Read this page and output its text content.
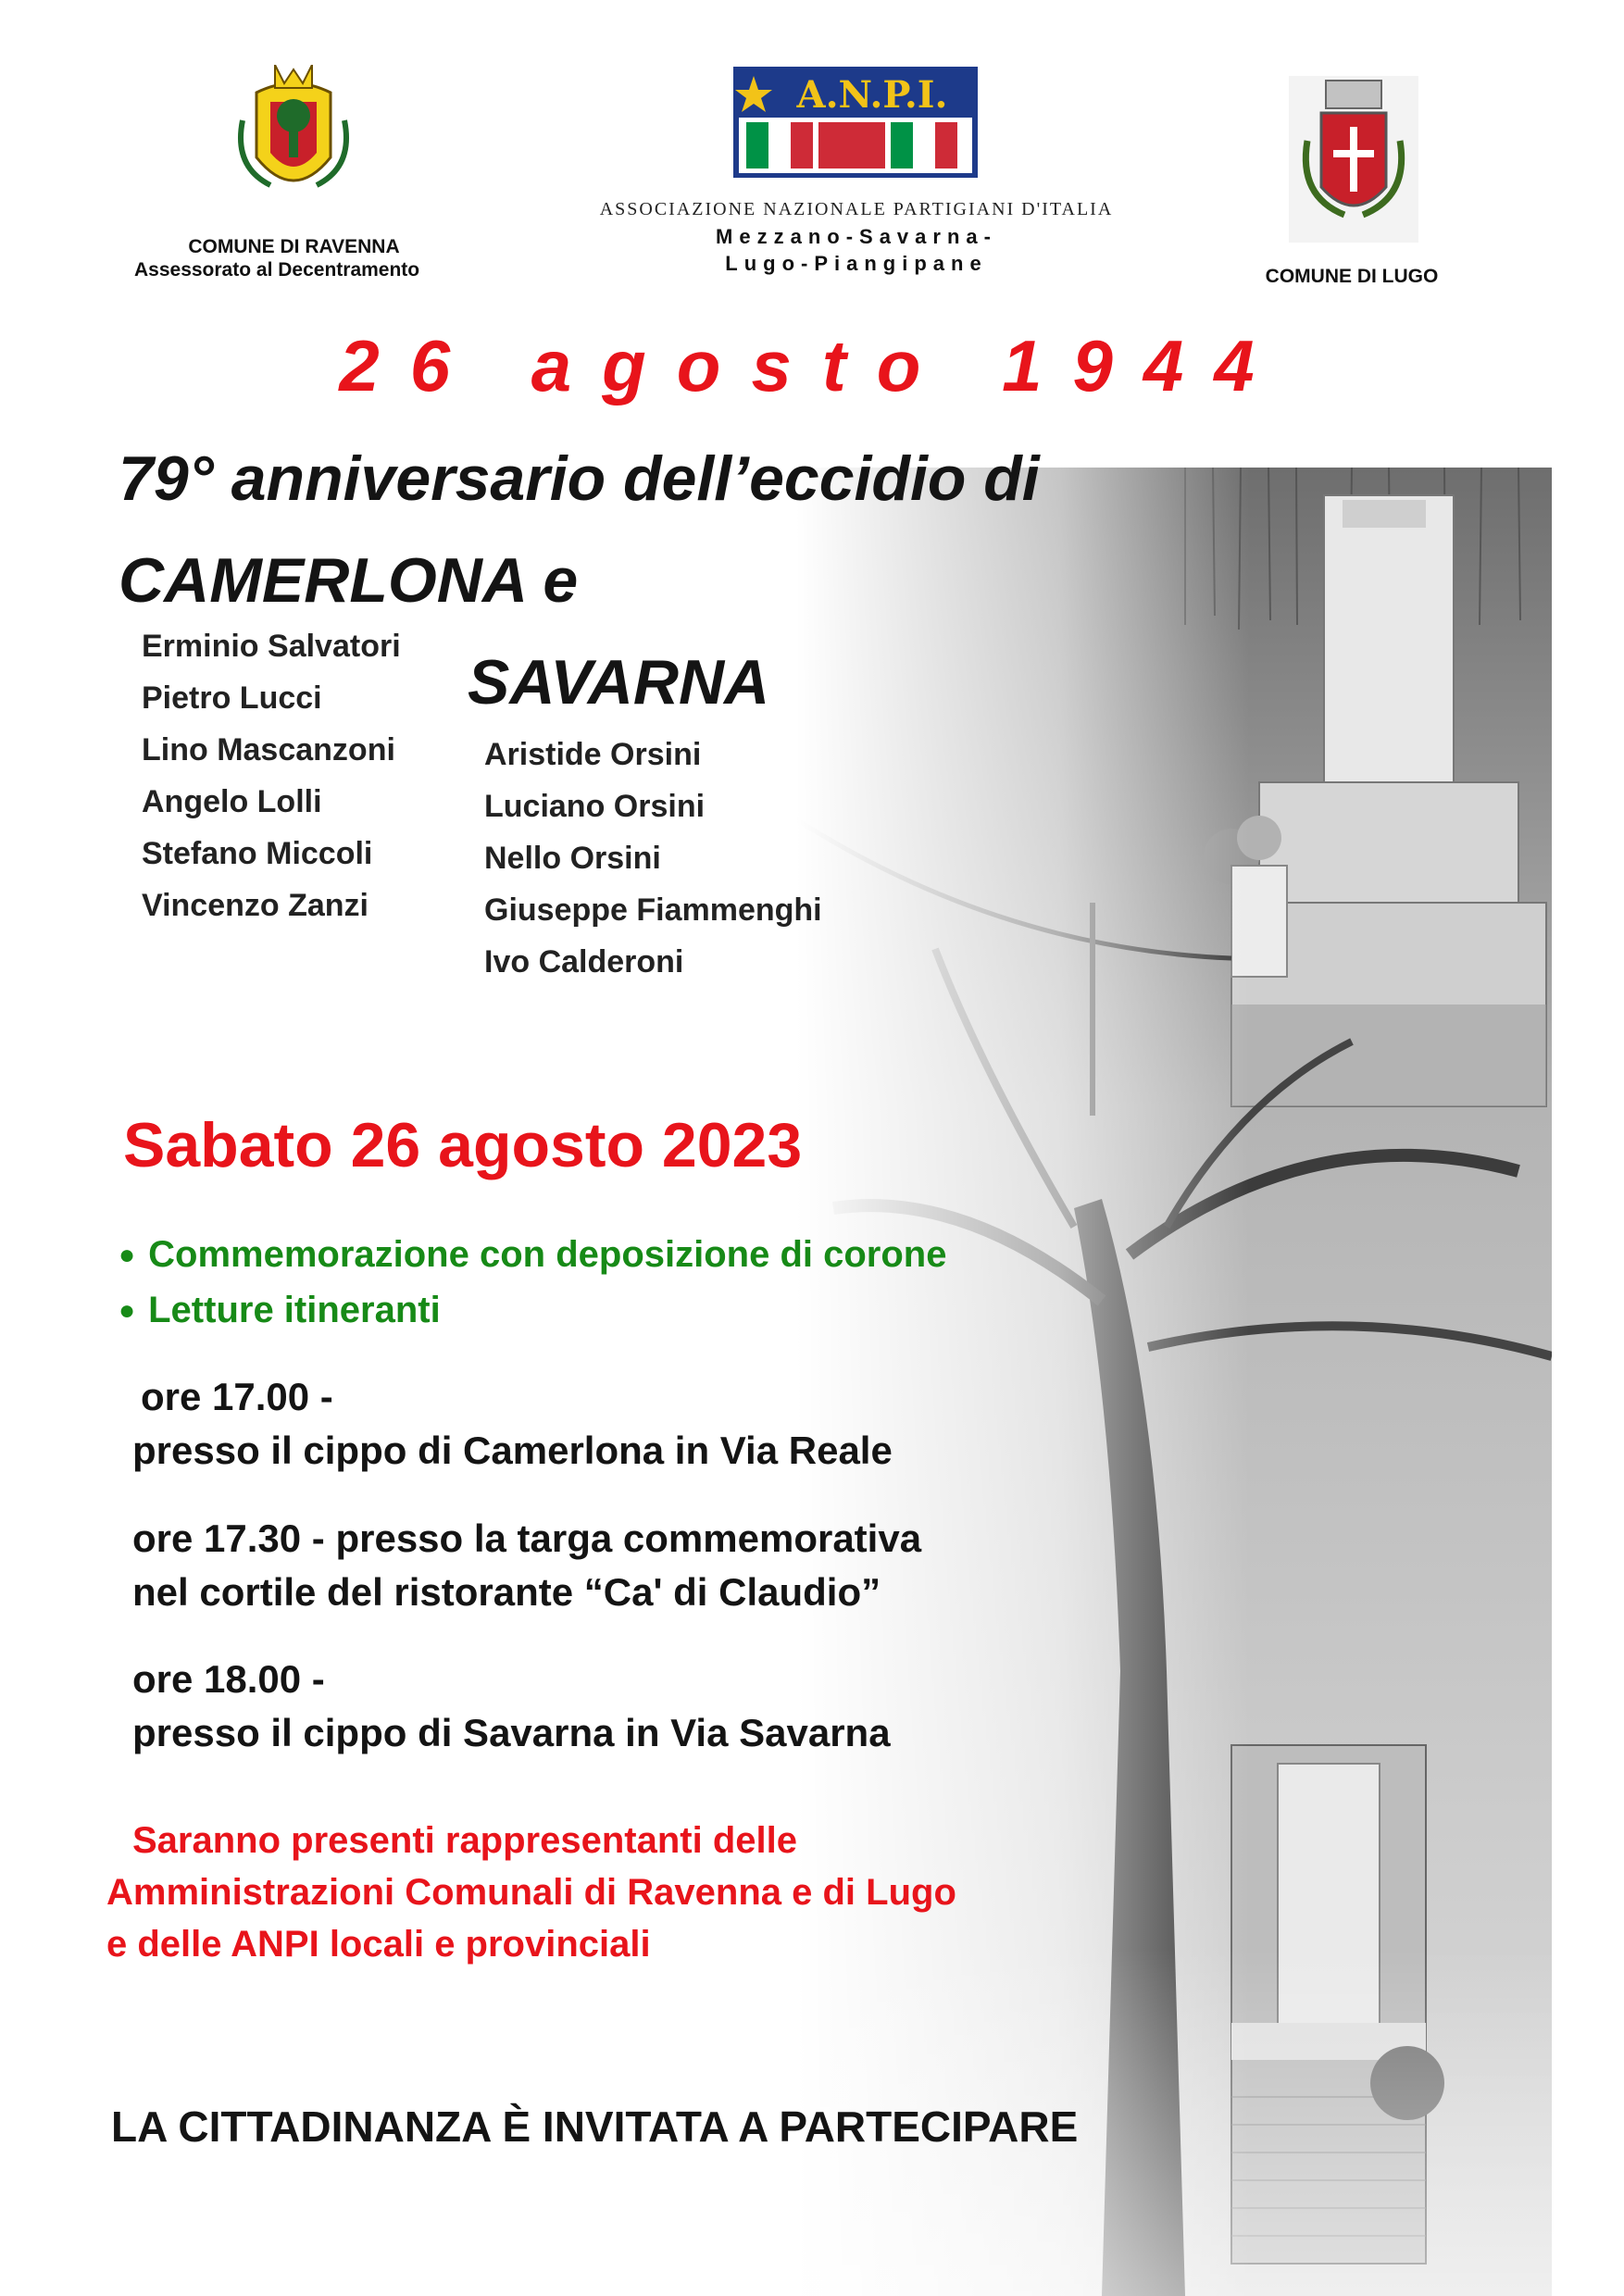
COMUNE DI RAVENNA
Assessorato al Decentramento
A.N.P.I.
ASSOCIAZIONE NAZIONALE PARTIGIANI D'ITALIA
Mezzano-Savarna-
Lugo-Piangipane
COMUNE DI LUGO
26 agosto 1944
79° anniversario dell’eccidio di
CAMERLONA e
SAVARNA
Erminio Salvatori
Pietro Lucci
Lino Mascanzoni
Angelo Lolli
Stefano Miccoli
Vincenzo Zanzi
Aristide Orsini
Luciano Orsini
Nello Orsini
Giuseppe Fiammenghi
Ivo Calderoni
Sabato 26 agosto 2023
● Commemorazione con deposizione di corone
● Letture itineranti
ore 17.00 -
presso il cippo di Camerlona in Via Reale
ore 17.30 - presso la targa commemorativa
nel cortile del ristorante “Ca' di Claudio”
ore 18.00 -
presso il cippo di Savarna in Via Savarna
Saranno presenti rappresentanti delle
Amministrazioni Comunali di Ravenna e di Lugo
e delle ANPI locali e provinciali
LA CITTADINANZA È INVITATA A PARTECIPARE
